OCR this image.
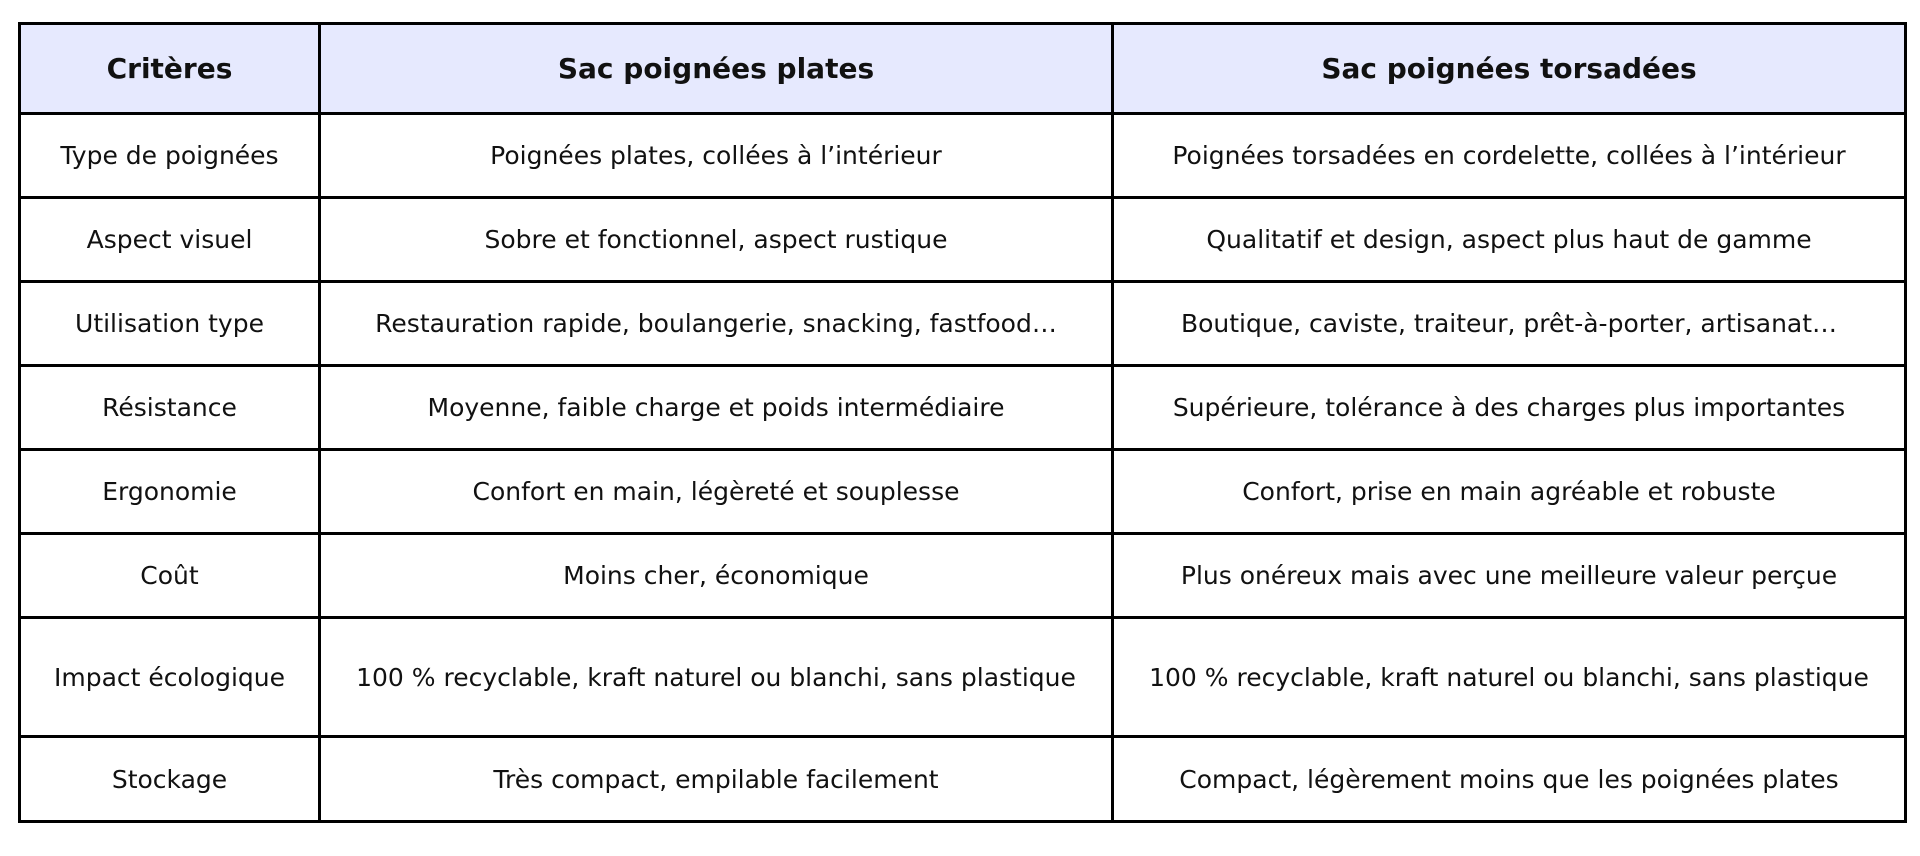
Critères	Sac poignées plates	Sac poignées torsadées
Type de poignées	Poignées plates, collées à l’intérieur	Poignées torsadées en cordelette, collées à l’intérieur
Aspect visuel	Sobre et fonctionnel, aspect rustique	Qualitatif et design, aspect plus haut de gamme
Utilisation type	Restauration rapide, boulangerie, snacking, fastfood…	Boutique, caviste, traiteur, prêt-à-porter, artisanat…
Résistance	Moyenne, faible charge et poids intermédiaire	Supérieure, tolérance à des charges plus importantes
Ergonomie	Confort en main, légèreté et souplesse	Confort, prise en main agréable et robuste
Coût	Moins cher, économique	Plus onéreux mais avec une meilleure valeur perçue
Impact écologique	100 % recyclable, kraft naturel ou blanchi, sans plastique	100 % recyclable, kraft naturel ou blanchi, sans plastique
Stockage	Très compact, empilable facilement	Compact, légèrement moins que les poignées plates
